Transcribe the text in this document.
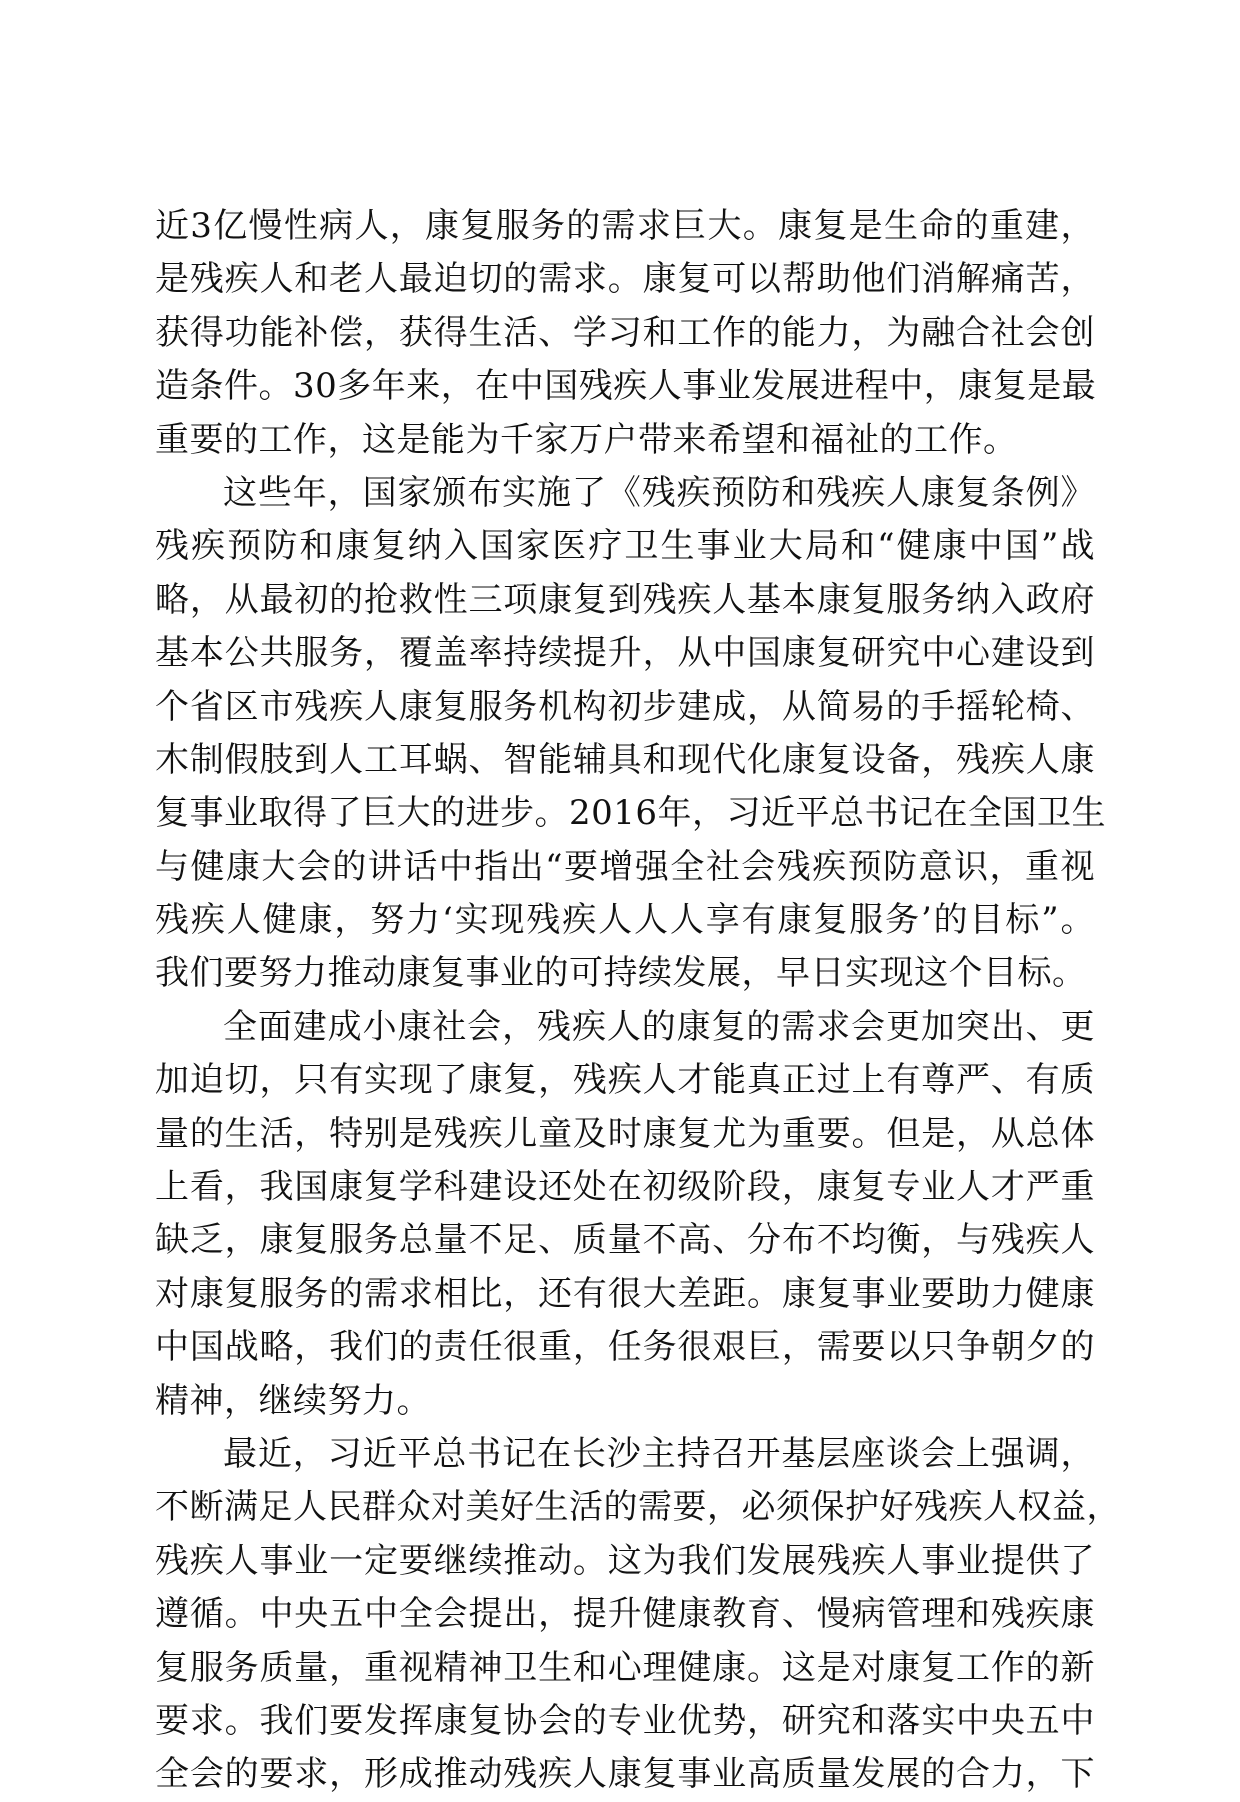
近3亿慢性病人，康复服务的需求巨大。康复是生命的重建，
是残疾人和老人最迫切的需求。康复可以帮助他们消解痛苦，
获得功能补偿，获得生活、学习和工作的能力，为融合社会创
造条件。30多年来，在中国残疾人事业发展进程中，康复是最
重要的工作，这是能为千家万户带来希望和福祉的工作。
这些年，国家颁布实施了《残疾预防和残疾人康复条例》
残疾预防和康复纳入国家医疗卫生事业大局和“健康中国”战
略，从最初的抢救性三项康复到残疾人基本康复服务纳入政府
基本公共服务，覆盖率持续提升，从中国康复研究中心建设到
个省区市残疾人康复服务机构初步建成，从简易的手摇轮椅、
木制假肢到人工耳蜗、智能辅具和现代化康复设备，残疾人康
复事业取得了巨大的进步。2016年，习近平总书记在全国卫生
与健康大会的讲话中指出“要增强全社会残疾预防意识，重视
残疾人健康，努力‘实现残疾人人人享有康复服务’的目标”。
我们要努力推动康复事业的可持续发展，早日实现这个目标。
全面建成小康社会，残疾人的康复的需求会更加突出、更
加迫切，只有实现了康复，残疾人才能真正过上有尊严、有质
量的生活，特别是残疾儿童及时康复尤为重要。但是，从总体
上看，我国康复学科建设还处在初级阶段，康复专业人才严重
缺乏，康复服务总量不足、质量不高、分布不均衡，与残疾人
对康复服务的需求相比，还有很大差距。康复事业要助力健康
中国战略，我们的责任很重，任务很艰巨，需要以只争朝夕的
精神，继续努力。
最近，习近平总书记在长沙主持召开基层座谈会上强调，
不断满足人民群众对美好生活的需要，必须保护好残疾人权益，
残疾人事业一定要继续推动。这为我们发展残疾人事业提供了
遵循。中央五中全会提出，提升健康教育、慢病管理和残疾康
复服务质量，重视精神卫生和心理健康。这是对康复工作的新
要求。我们要发挥康复协会的专业优势，研究和落实中央五中
全会的要求，形成推动残疾人康复事业高质量发展的合力，下
